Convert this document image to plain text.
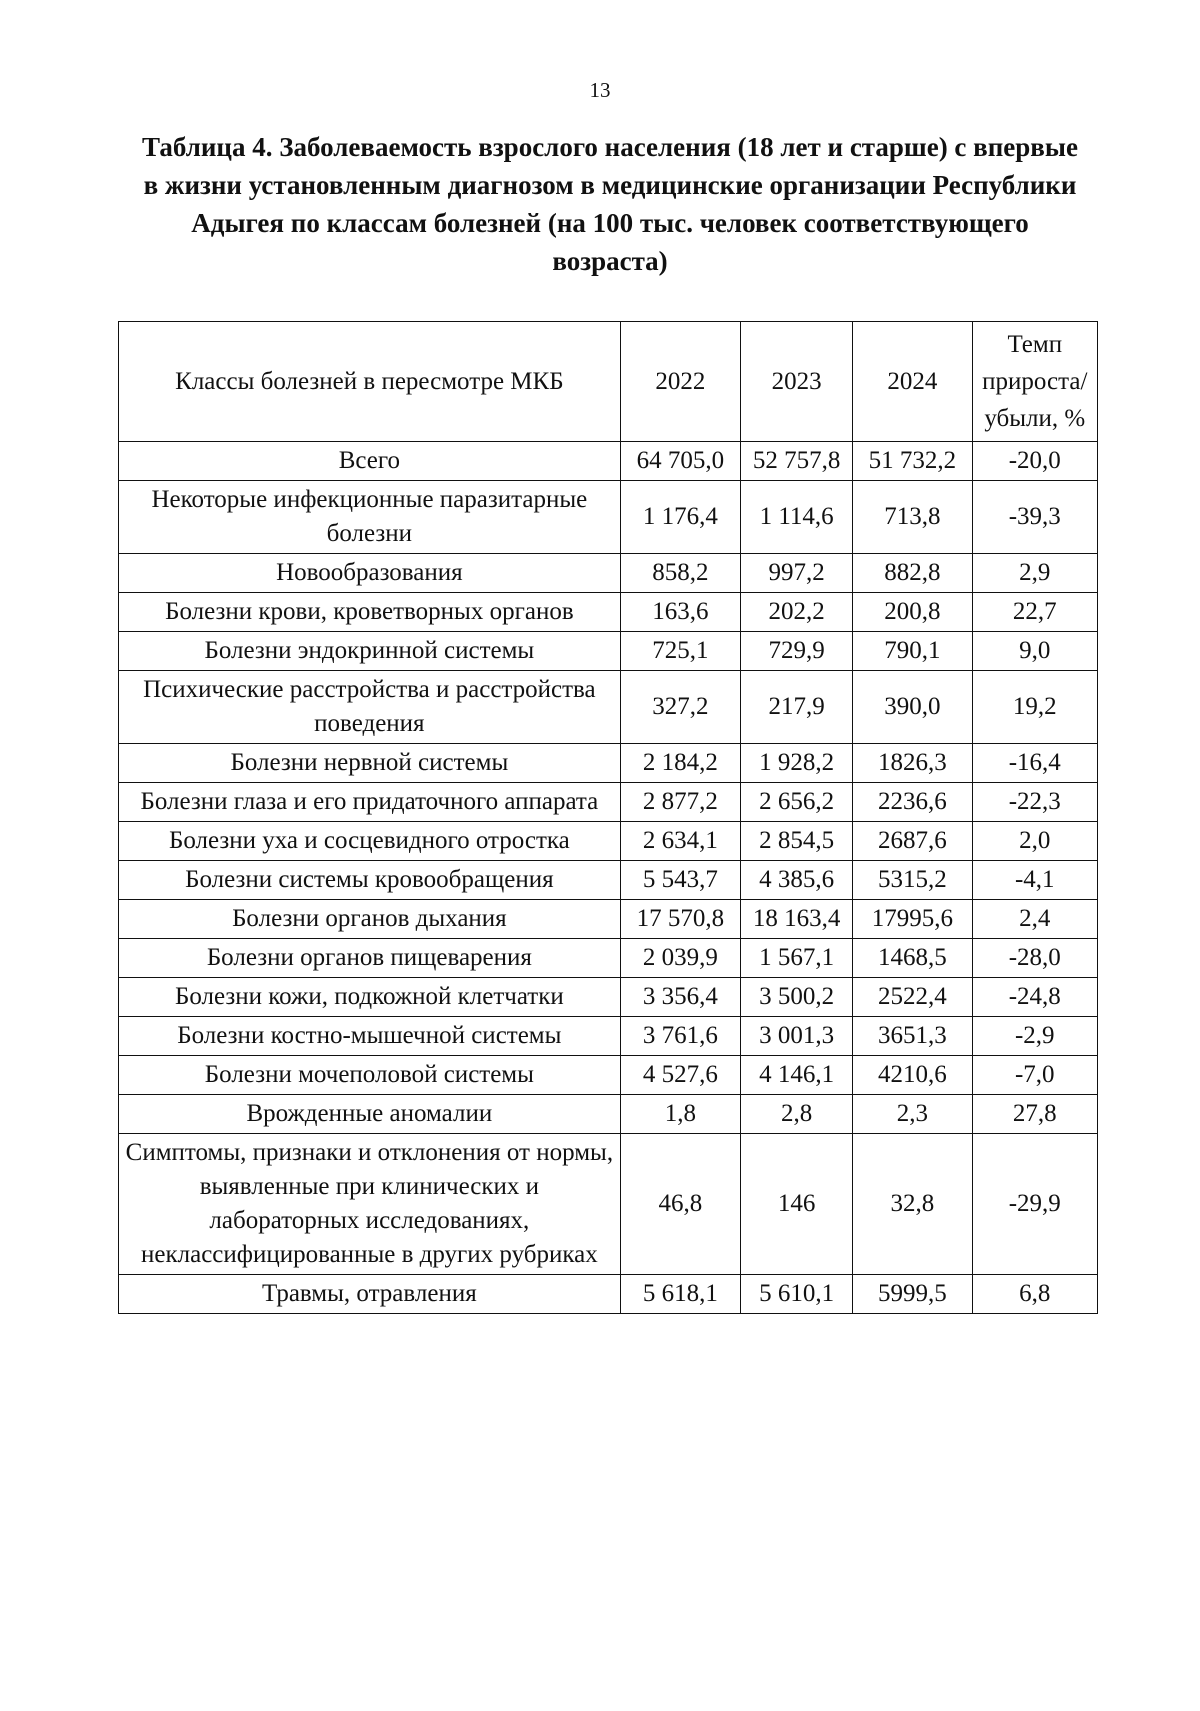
13
Таблица 4. Заболеваемость взрослого населения (18 лет и старше) с впервые в жизни установленным диагнозом в медицинские организации Республики Адыгея по классам болезней (на 100 тыс. человек соответствующего возраста)
Классы болезней в пересмотре МКБ	2022	2023	2024	Темп прироста/убыли, %
Всего	64 705,0	52 757,8	51 732,2	-20,0
Некоторые инфекционные паразитарные болезни	1 176,4	1 114,6	713,8	-39,3
Новообразования	858,2	997,2	882,8	2,9
Болезни крови, кроветворных органов	163,6	202,2	200,8	22,7
Болезни эндокринной системы	725,1	729,9	790,1	9,0
Психические расстройства и расстройства поведения	327,2	217,9	390,0	19,2
Болезни нервной системы	2 184,2	1 928,2	1826,3	-16,4
Болезни глаза и его придаточного аппарата	2 877,2	2 656,2	2236,6	-22,3
Болезни уха и сосцевидного отростка	2 634,1	2 854,5	2687,6	2,0
Болезни системы кровообращения	5 543,7	4 385,6	5315,2	-4,1
Болезни органов дыхания	17 570,8	18 163,4	17995,6	2,4
Болезни органов пищеварения	2 039,9	1 567,1	1468,5	-28,0
Болезни кожи, подкожной клетчатки	3 356,4	3 500,2	2522,4	-24,8
Болезни костно-мышечной системы	3 761,6	3 001,3	3651,3	-2,9
Болезни мочеполовой системы	4 527,6	4 146,1	4210,6	-7,0
Врожденные аномалии	1,8	2,8	2,3	27,8
Симптомы, признаки и отклонения от нормы, выявленные при клинических и лабораторных исследованиях, неклассифицированные в других рубриках	46,8	146	32,8	-29,9
Травмы, отравления	5 618,1	5 610,1	5999,5	6,8
